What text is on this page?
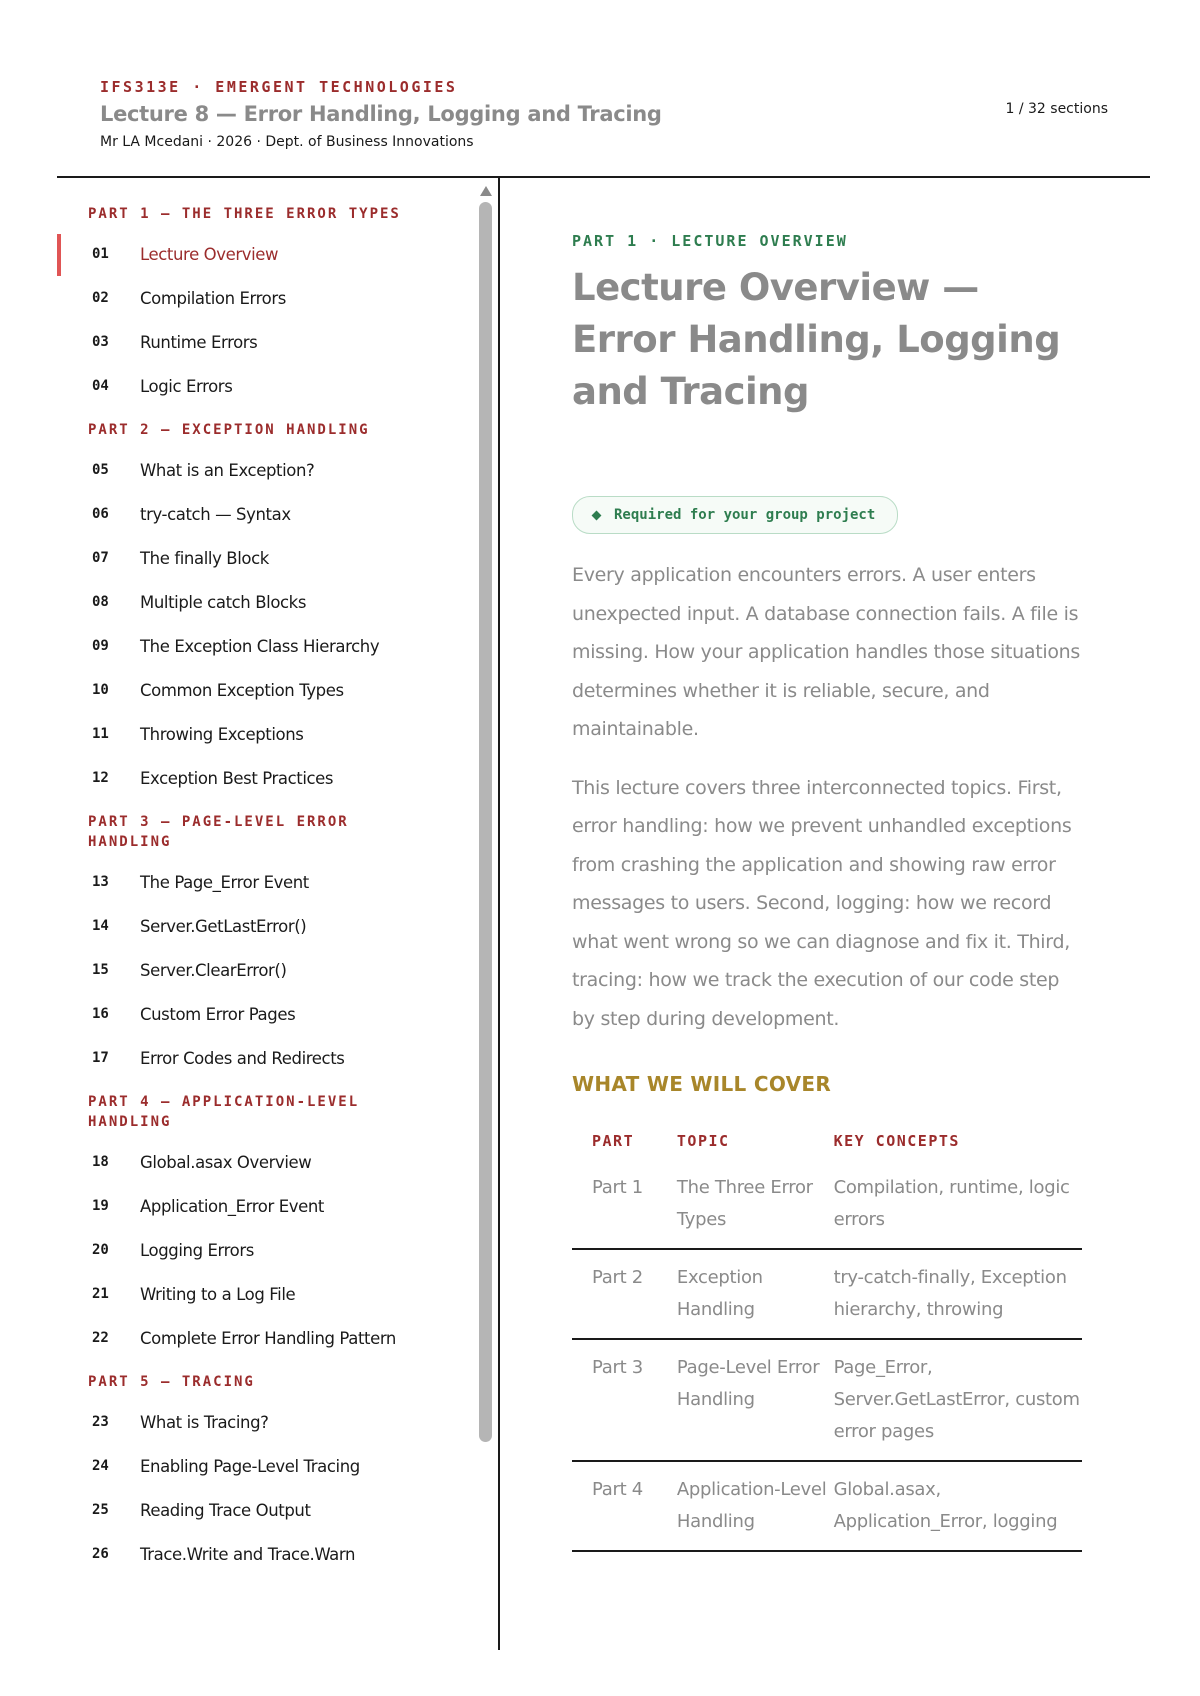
IFS313E · EMERGENT TECHNOLOGIES

Lecture 8 — Error Handling, Logging and Tracing

Mr LA Mcedani · 2026 · Dept. of Business Innovations

1 / 32 sections
PART 1 — THE THREE ERROR TYPES
01	Lecture Overview
02	Compilation Errors
03	Runtime Errors
04	Logic Errors
PART 2 — EXCEPTION HANDLING
05	What is an Exception?
06	try-catch — Syntax
07	The finally Block
08	Multiple catch Blocks
09	The Exception Class Hierarchy
10	Common Exception Types
11	Throwing Exceptions
12	Exception Best Practices
PART 3 — PAGE-LEVEL ERROR HANDLING
13	The Page_Error Event
14	Server.GetLastError()
15	Server.ClearError()
16	Custom Error Pages
17	Error Codes and Redirects
PART 4 — APPLICATION-LEVEL HANDLING
18	Global.asax Overview
19	Application_Error Event
20	Logging Errors
21	Writing to a Log File
22	Complete Error Handling Pattern
PART 5 — TRACING
23	What is Tracing?
24	Enabling Page-Level Tracing
25	Reading Trace Output
26	Trace.Write and Trace.Warn

PART 1 · LECTURE OVERVIEW

Lecture Overview — Error Handling, Logging and Tracing
Required for your group project

Every application encounters errors. A user enters unexpected input. A database connection fails. A file is missing. How your application handles those situations determines whether it is reliable, secure, and maintainable.

This lecture covers three interconnected topics. First, error handling: how we prevent unhandled exceptions from crashing the application and showing raw error messages to users. Second, logging: how we record what went wrong so we can diagnose and fix it. Third, tracing: how we track the execution of our code step by step during development.

WHAT WE WILL COVER
PART	TOPIC	KEY CONCEPTS
Part 1	The Three Error Types	Compilation, runtime, logic errors
Part 2	Exception Handling	try-catch-finally, Exception hierarchy, throwing
Part 3	Page-Level Error Handling	Page_Error, Server.GetLastError, custom error pages
Part 4	Application-Level Handling	Global.asax, Application_Error, logging
